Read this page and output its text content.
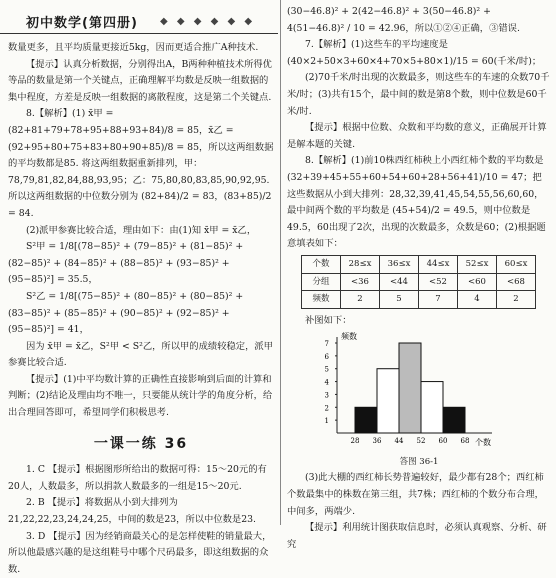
初中数学(第四册) ◆ ◆ ◆ ◆ ◆ ◆

数量更多，且平均质量更接近5kg，因而更适合推广A种技术.

【提示】认真分析数据，分别得出A，B两种种植技术所得优等品的数量是第一个关键点，正确理解平均数是反映一组数据的集中程度，方差是反映一组数据的离散程度，这是第二个关键点.

8.【解析】(1) x̄甲 = (82+81+79+78+95+88+93+84)/8 = 85，x̄乙 = (92+95+80+75+83+80+90+85)/8 = 85，所以这两组数据的平均数都是85. 将这两组数据重新排列，甲：78,79,81,82,84,88,93,95；乙：75,80,80,83,85,90,92,95. 所以这两组数据的中位数分别为 (82+84)/2 = 83，(83+85)/2 = 84.

(2)派甲参赛比较合适，理由如下：由(1)知 x̄甲 = x̄乙，

S²甲 = 1/8[(78−85)² + (79−85)² + (81−85)² + (82−85)² + (84−85)² + (88−85)² + (93−85)² + (95−85)²] = 35.5，

S²乙 = 1/8[(75−85)² + (80−85)² + (80−85)² + (83−85)² + (85−85)² + (90−85)² + (92−85)² + (95−85)²] = 41，

因为 x̄甲 = x̄乙，S²甲 < S²乙，所以甲的成绩较稳定，派甲参赛比较合适.

【提示】(1)中平均数计算的正确性直接影响到后面的计算和判断；(2)结论及理由均不唯一，只要能从统计学的角度分析，给出合理回答即可，希望同学们积极思考.

一课一练 36

1. C 【提示】根据图形所给出的数据可得：15～20元的有20人，人数最多，所以捐款人数最多的一组是15～20元.

2. B 【提示】将数据从小到大排列为21,22,22,23,24,24,25，中间的数是23，所以中位数是23.

3. D 【提示】因为经销商最关心的是怎样使鞋的销量最大，所以他最感兴趣的是这组鞋号中哪个尺码最多，即这组数据的众数.

(30−46.8)² + 2(42−46.8)² + 3(50−46.8)² + 4(51−46.8)² / 10 = 42.96，所以①②④正确，③错误.

7.【解析】(1)这些车的平均速度是 (40×2+50×3+60×4+70×5+80×1)/15 = 60(千米/时)；

(2)70千米/时出现的次数最多，则这些车的车速的众数70千米/时；(3)共有15个，最中间的数是第8个数，则中位数是60千米/时.

【提示】根据中位数、众数和平均数的意义，正确展开计算是解本题的关键.

8.【解析】(1)前10株西红柿秧上小西红柿个数的平均数是 (32+39+45+55+60+54+60+28+56+41)/10 = 47；把这些数据从小到大排列：28,32,39,41,45,54,55,56,60,60，最中间两个数的平均数是 (45+54)/2 = 49.5，则中位数是49.5，60出现了2次，出现的次数最多，众数是60；(2)根据题意填表如下：

个数	28≤x	36≤x	44≤x	52≤x	60≤x
分组	<36	<44	<52	<60	<68
频数	2	5	7	4	2

补图如下：

频数
个数
1
2
3
4
5
6
7
28 36 44 52 60 68
答图 36-1

(3)此大棚的西红柿长势普遍较好，最少都有28个；西红柿个数最集中的株数在第三组，共7株；西红柿的个数分布合理，中间多，两端少.

【提示】利用统计图获取信息时，必须认真观察、分析、研究
